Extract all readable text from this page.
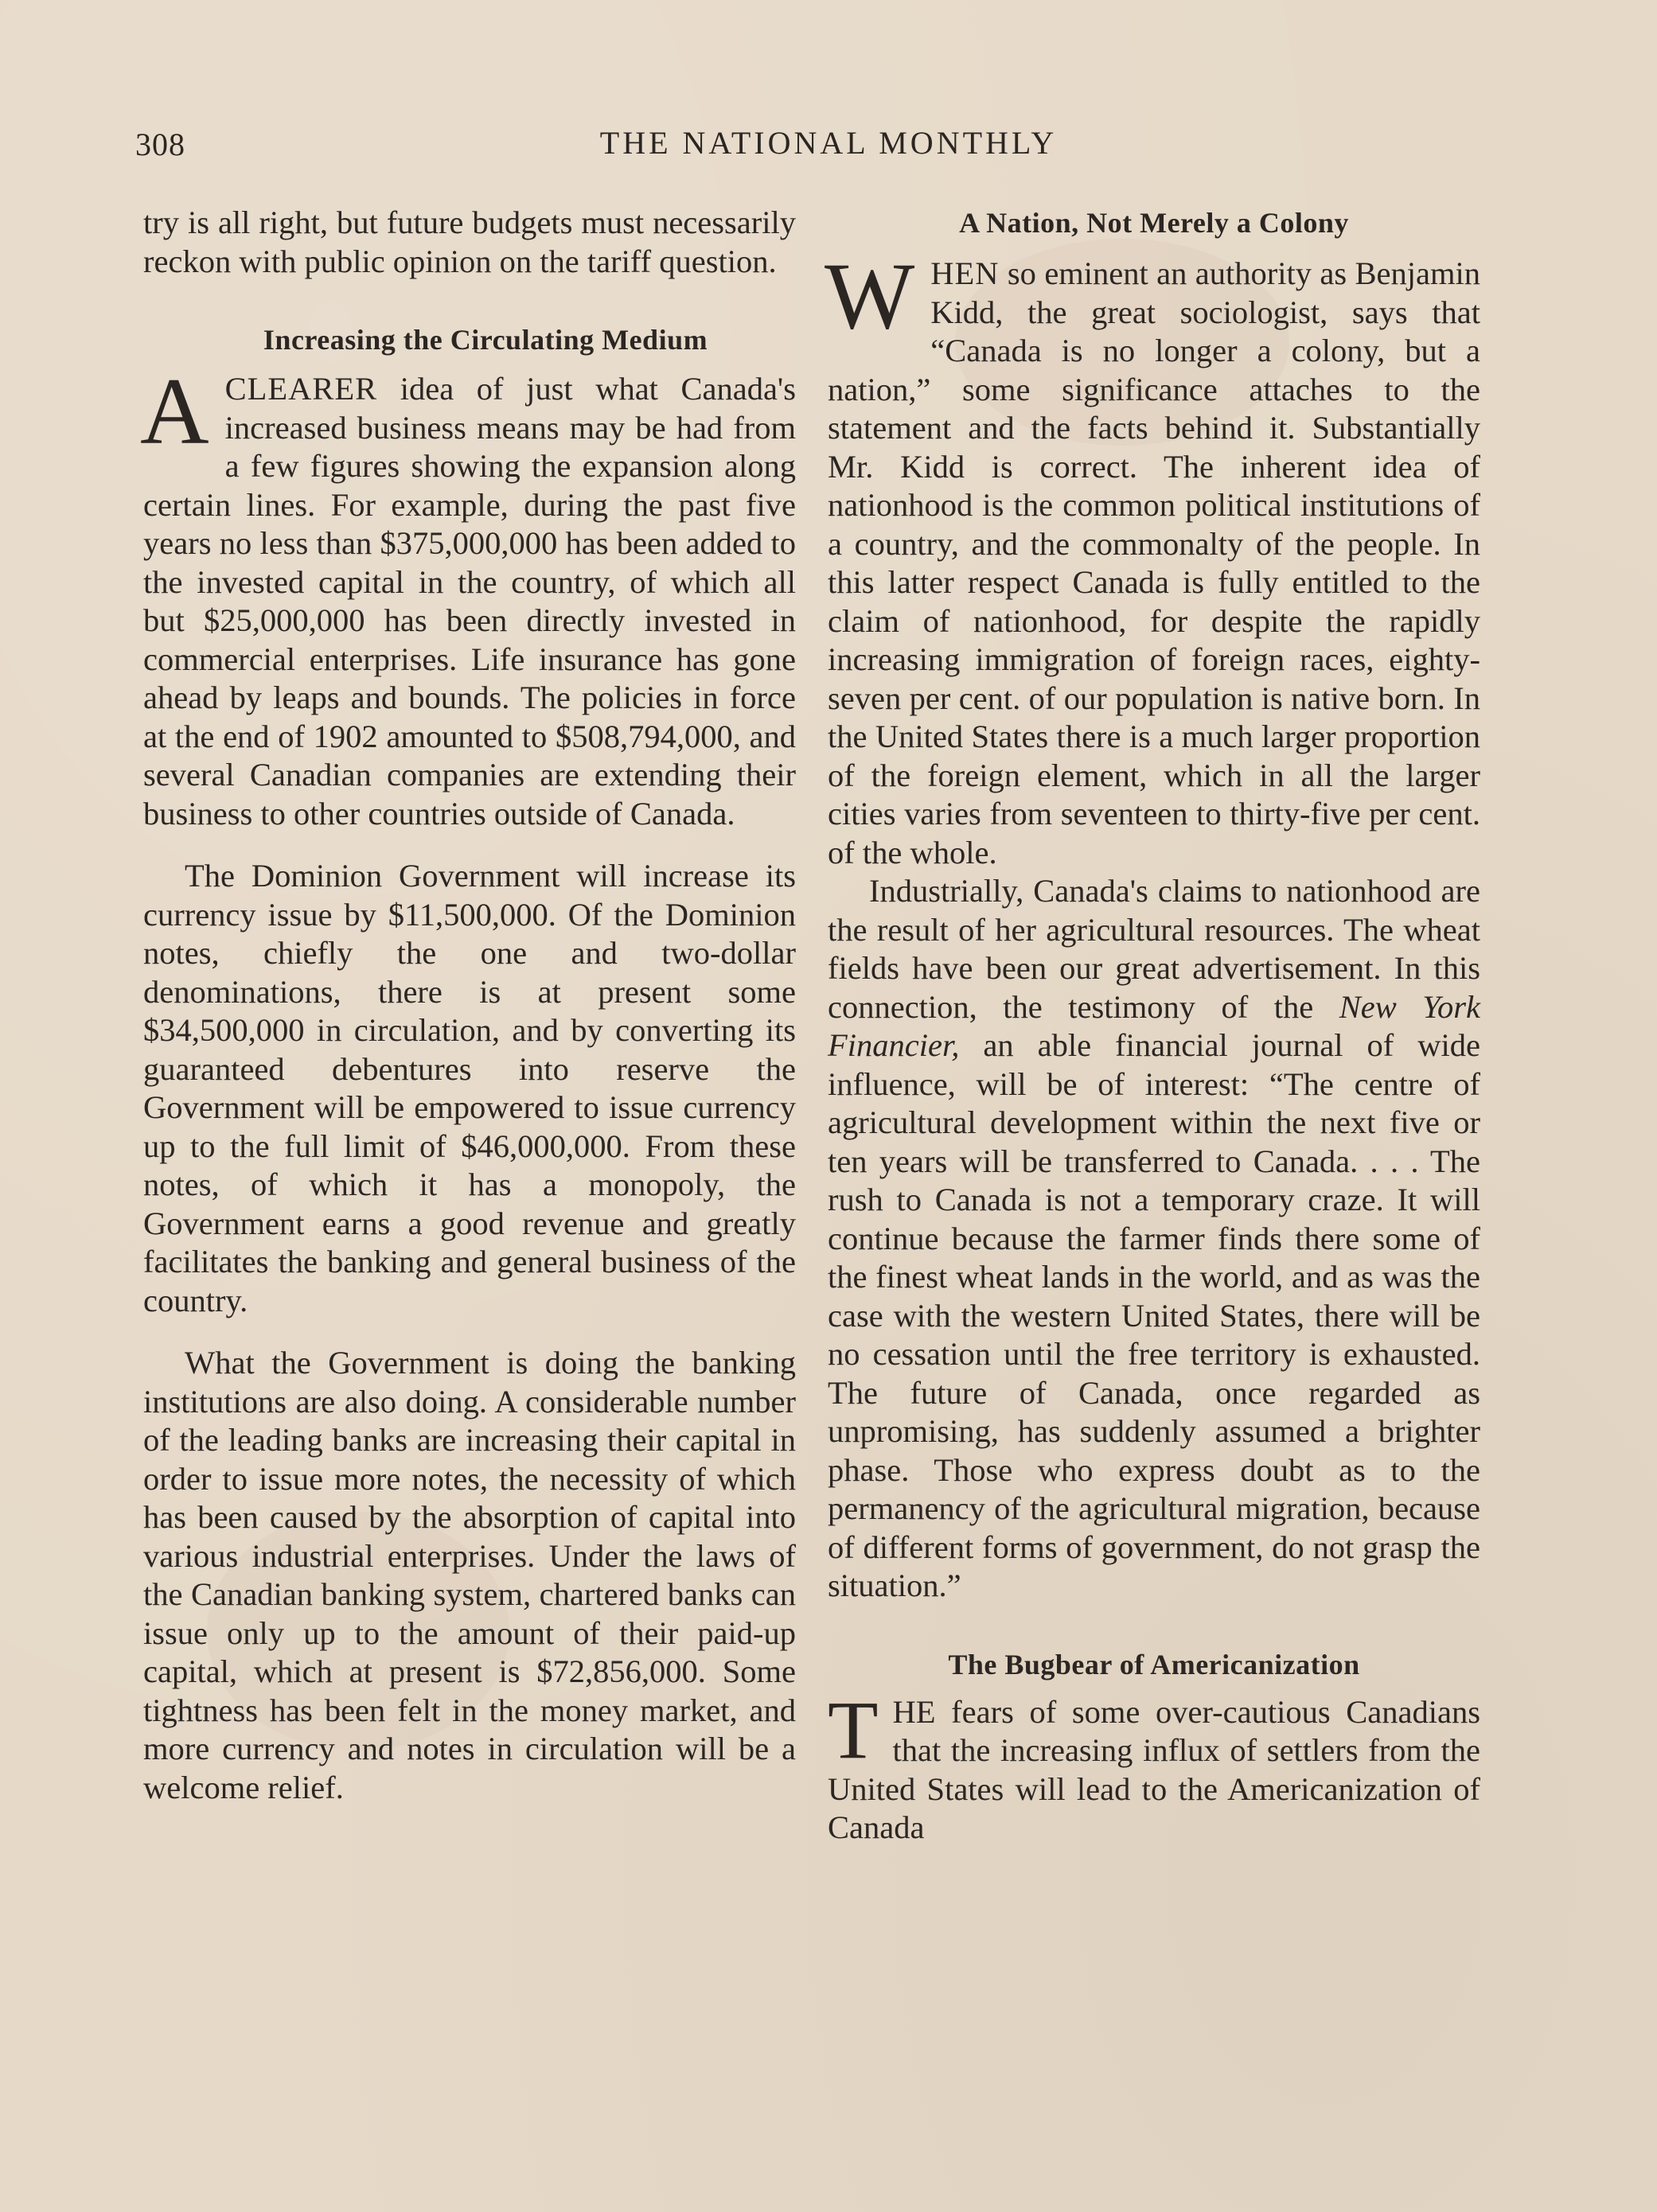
308	THE NATIONAL MONTHLY

try is all right, but future budgets must necessarily reckon with public opinion on the tariff question.

Increasing the Circulating Medium

ACLEARER idea of just what Canada's increased business means may be had from a few figures showing the expansion along certain lines. For example, during the past five years no less than $375,000,000 has been added to the invested capital in the country, of which all but $25,000,000 has been directly invested in commercial enterprises. Life insurance has gone ahead by leaps and bounds. The policies in force at the end of 1902 amounted to $508,794,000, and several Canadian companies are extending their business to other countries outside of Canada.

The Dominion Government will increase its currency issue by $11,500,000. Of the Dominion notes, chiefly the one and two-dollar denominations, there is at present some $34,500,000 in circulation, and by converting its guaranteed debentures into reserve the Government will be empowered to issue currency up to the full limit of $46,000,000. From these notes, of which it has a monopoly, the Government earns a good revenue and greatly facilitates the banking and general business of the country.

What the Government is doing the banking institutions are also doing. A considerable number of the leading banks are increasing their capital in order to issue more notes, the necessity of which has been caused by the absorption of capital into various industrial enterprises. Under the laws of the Canadian banking system, chartered banks can issue only up to the amount of their paid-up capital, which at present is $72,856,000. Some tightness has been felt in the money market, and more currency and notes in circulation will be a welcome relief.

A Nation, Not Merely a Colony

WHEN so eminent an authority as Benjamin Kidd, the great sociologist, says that “Canada is no longer a colony, but a nation,” some significance attaches to the statement and the facts behind it. Substantially Mr. Kidd is correct. The inherent idea of nationhood is the common political institutions of a country, and the commonalty of the people. In this latter respect Canada is fully entitled to the claim of nationhood, for despite the rapidly increasing immigration of foreign races, eighty-seven per cent. of our population is native born. In the United States there is a much larger proportion of the foreign element, which in all the larger cities varies from seventeen to thirty-five per cent. of the whole.

Industrially, Canada's claims to nationhood are the result of her agricultural resources. The wheat fields have been our great advertisement. In this connection, the testimony of the New York Financier, an able financial journal of wide influence, will be of interest: “The centre of agricultural development within the next five or ten years will be transferred to Canada. . . . The rush to Canada is not a temporary craze. It will continue because the farmer finds there some of the finest wheat lands in the world, and as was the case with the western United States, there will be no cessation until the free territory is exhausted. The future of Canada, once regarded as unpromising, has suddenly assumed a brighter phase. Those who express doubt as to the permanency of the agricultural migration, because of different forms of government, do not grasp the situation.”

The Bugbear of Americanization

THE fears of some over-cautious Canadians that the increasing influx of settlers from the United States will lead to the Americanization of Canada
